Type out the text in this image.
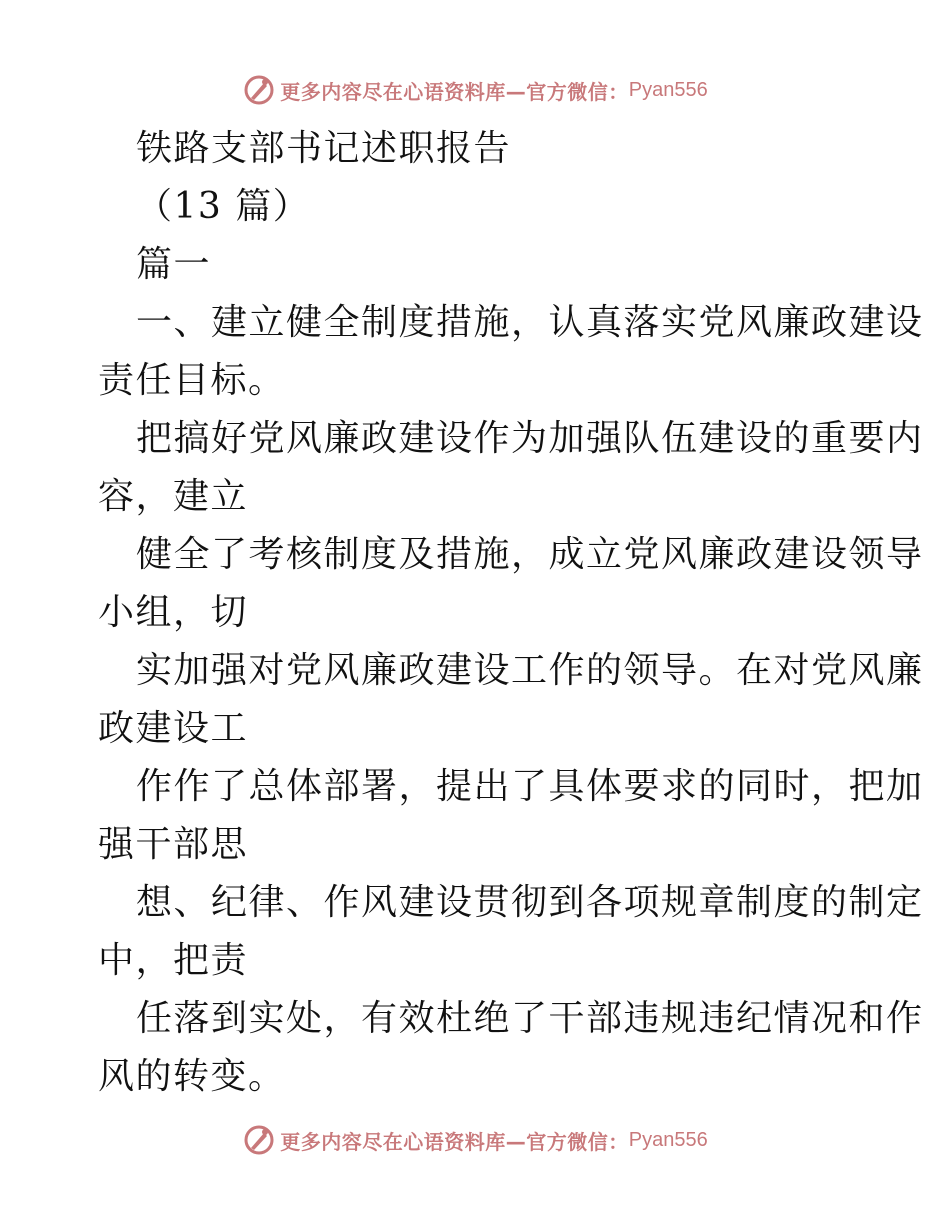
更多内容尽在心语资料库—官方微信： Pyan556
铁路支部书记述职报告
（13 篇）
篇一
一、建立健全制度措施，认真落实党风廉政建设
责任目标。
把搞好党风廉政建设作为加强队伍建设的重要内
容，建立
健全了考核制度及措施，成立党风廉政建设领导
小组，切
实加强对党风廉政建设工作的领导。在对党风廉
政建设工
作作了总体部署，提出了具体要求的同时，把加
强干部思
想、纪律、作风建设贯彻到各项规章制度的制定
中，把责
任落到实处，有效杜绝了干部违规违纪情况和作
风的转变。
更多内容尽在心语资料库—官方微信： Pyan556
